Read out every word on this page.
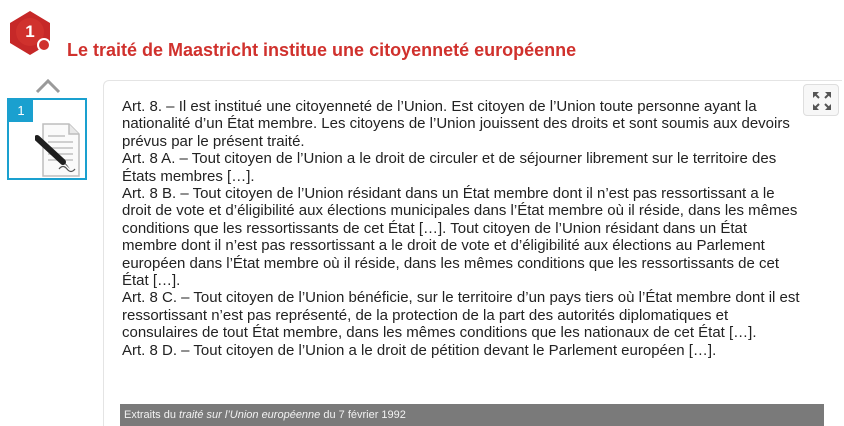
1
Le traité de Maastricht institue une citoyenneté européenne
1	Art. 8. – Il est institué une citoyenneté de l’Union. Est citoyen de l’Union toute personne ayant la nationalité d’un État membre. Les citoyens de l’Union jouissent des droits et sont soumis aux devoirs prévus par le présent traité.

Art. 8 A. – Tout citoyen de l’Union a le droit de circuler et de séjourner librement sur le territoire des États membres […].

Art. 8 B. – Tout citoyen de l’Union résidant dans un État membre dont il n’est pas ressortissant a le droit de vote et d’éligibilité aux élections municipales dans l’État membre où il réside, dans les mêmes conditions que les ressortissants de cet État […]. Tout citoyen de l’Union résidant dans un État membre dont il n’est pas ressortissant a le droit de vote et d’éligibilité aux élections au Parlement européen dans l’État membre où il réside, dans les mêmes conditions que les ressortissants de cet État […].

Art. 8 C. – Tout citoyen de l’Union bénéficie, sur le territoire d’un pays tiers où l’État membre dont il est ressortissant n’est pas représenté, de la protection de la part des autorités diplomatiques et consulaires de tout État membre, dans les mêmes conditions que les nationaux de cet État […].

Art. 8 D. – Tout citoyen de l’Union a le droit de pétition devant le Parlement européen […].

Extraits du traité sur l’Union européenne du 7 février 1992
